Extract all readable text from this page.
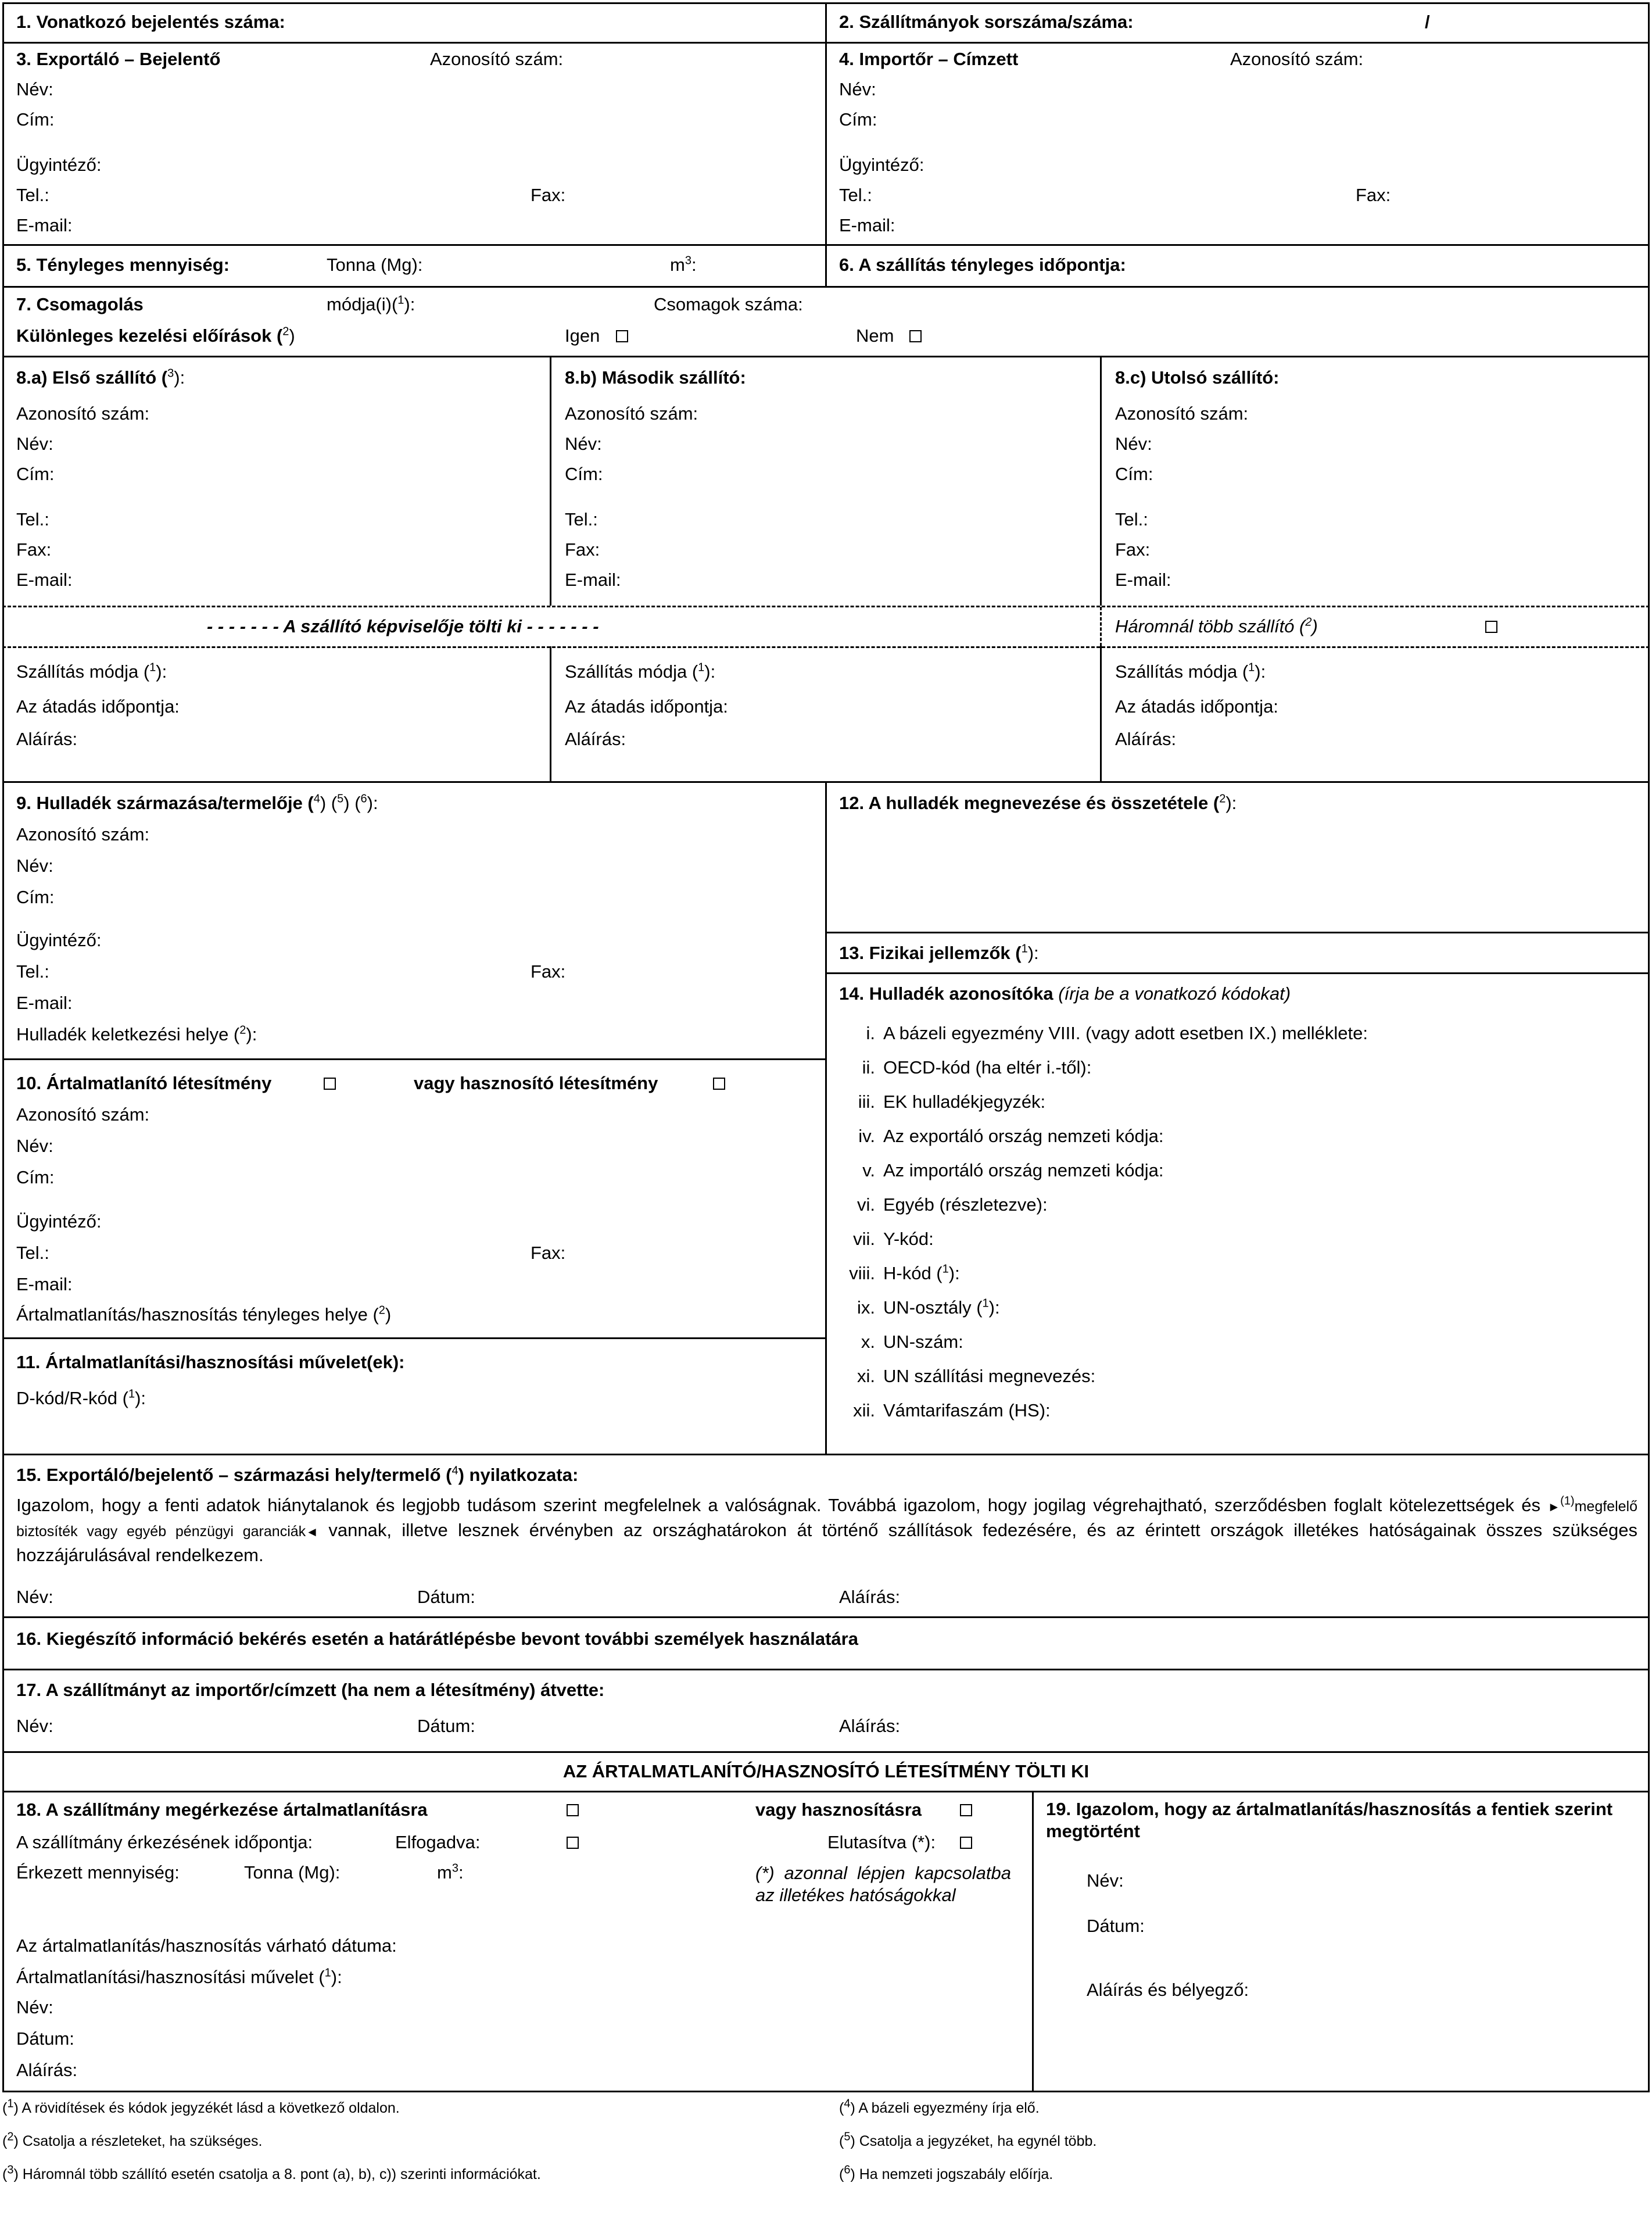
1. Vonatkozó bejelentés száma:	2. Szállítmányok sorszáma/száma:	/
3. Exportáló – Bejelentő	Azonosító szám:
Név:
Cím:
Ügyintéző:
Tel.:	Fax:
E-mail:
4. Importőr – Címzett	Azonosító szám:
Név:
Cím:
Ügyintéző:
Tel.:	Fax:
E-mail:
5. Tényleges mennyiség:	Tonna (Mg):	$m^3$:	6. A szállítás tényleges időpontja:
7. Csomagolás	módja(i)($^1$):	Csomagok száma:
Különleges kezelési előírások ($^2$)	Igen	Nem
8.a) Első szállító ($^3$):	8.b) Második szállító:	8.c) Utolsó szállító:
Azonosító szám:	Azonosító szám:	Azonosító szám:
Név:	Név:	Név:
Cím:	Cím:	Cím:
Tel.:	Tel.:	Tel.:
Fax:	Fax:	Fax:
E-mail:	E-mail:	E-mail:
- - - - - - - A szállító képviselője tölti ki - - - - - - -	Háromnál több szállító ($^2$)
Szállítás módja ($^1$):	Szállítás módja ($^1$):	Szállítás módja ($^1$):
Az átadás időpontja:	Az átadás időpontja:	Az átadás időpontja:
Aláírás:	Aláírás:	Aláírás:
9. Hulladék származása/termelője ($^4$) ($^5$) ($^6$):
Azonosító szám:
Név:
Cím:
Ügyintéző:
Tel.:	Fax:
E-mail:
Hulladék keletkezési helye ($^2$):
10. Ártalmatlanító létesítmény	vagy hasznosító létesítmény
Azonosító szám:
Név:
Cím:
Ügyintéző:
Tel.:	Fax:
E-mail:
Ártalmatlanítás/hasznosítás tényleges helye ($^2$)
11. Ártalmatlanítási/hasznosítási művelet(ek):
D-kód/R-kód ($^1$):
12. A hulladék megnevezése és összetétele ($^2$):
13. Fizikai jellemzők ($^1$):
14. Hulladék azonosítóka (írja be a vonatkozó kódokat)
i. A bázeli egyezmény VIII. (vagy adott esetben IX.) melléklete:
ii. OECD-kód (ha eltér i.-től):
iii. EK hulladékjegyzék:
iv. Az exportáló ország nemzeti kódja:
v. Az importáló ország nemzeti kódja:
vi. Egyéb (részletezve):
vii. Y-kód:
viii. H-kód ($^1$):
ix. UN-osztály ($^1$):
x. UN-szám:
xi. UN szállítási megnevezés:
xii. Vámtarifaszám (HS):
15. Exportáló/bejelentő – származási hely/termelő ($^4$) nyilatkozata:
Igazolom, hogy a fenti adatok hiánytalanok és legjobb tudásom szerint megfelelnek a valóságnak. Továbbá igazolom, hogy jogilag végrehajtható, szerződésben foglalt kötelezettségek és ►$^{(1)}$megfelelő biztosíték vagy egyéb pénzügyi garanciák◄ vannak, illetve lesznek érvényben az országhatárokon át történő szállítások fedezésére, és az érintett országok illetékes hatóságainak összes szükséges hozzájárulásával rendelkezem.
Név:	Dátum:	Aláírás:
16. Kiegészítő információ bekérés esetén a határátlépésbe bevont további személyek használatára
17. A szállítmányt az importőr/címzett (ha nem a létesítmény) átvette:
Név:	Dátum:	Aláírás:
AZ ÁRTALMATLANÍTÓ/HASZNOSÍTÓ LÉTESÍTMÉNY TÖLTI KI
18. A szállítmány megérkezése ártalmatlanításra	vagy hasznosításra
A szállítmány érkezésének időpontja:	Elfogadva:	Elutasítva (*):
Érkezett mennyiség:	Tonna (Mg):	$m^3$:	(*) azonnal lépjen kapcsolatba az illetékes hatóságokkal
Az ártalmatlanítás/hasznosítás várható dátuma:
Ártalmatlanítási/hasznosítási művelet ($^1$):
Név:
Dátum:
Aláírás:
19. Igazolom, hogy az ártalmatlanítás/hasznosítás a fentiek szerint megtörtént
Név:
Dátum:
Aláírás és bélyegző:
($^1$) A rövidítések és kódok jegyzékét lásd a következő oldalon.
($^2$) Csatolja a részleteket, ha szükséges.
($^3$) Háromnál több szállító esetén csatolja a 8. pont (a), b), c)) szerinti információkat.
($^4$) A bázeli egyezmény írja elő.
($^5$) Csatolja a jegyzéket, ha egynél több.
($^6$) Ha nemzeti jogszabály előírja.
